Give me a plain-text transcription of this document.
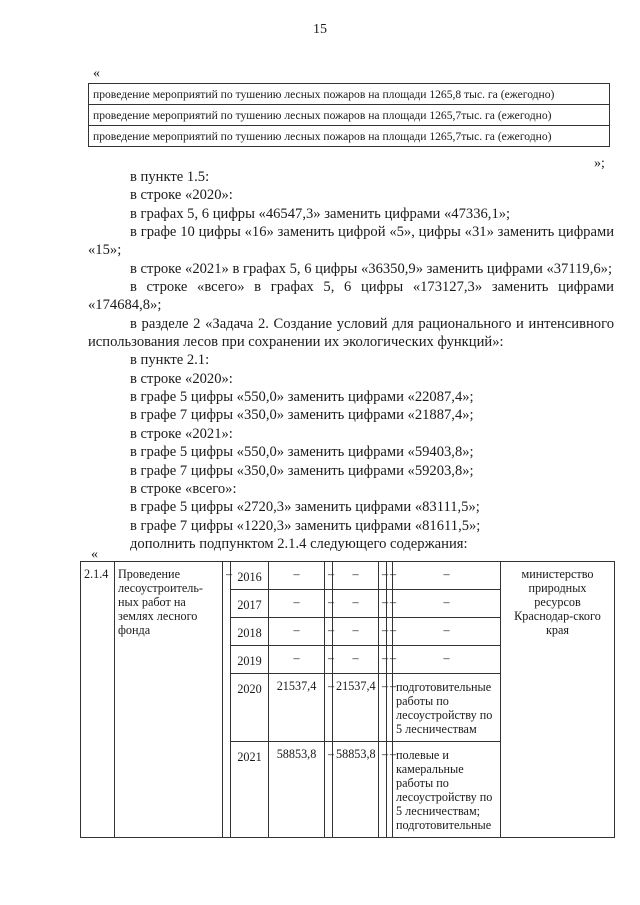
15
«
проведение мероприятий по тушению лесных пожаров на площади 1265,8 тыс. га (ежегодно)
проведение мероприятий по тушению лесных пожаров на площади 1265,7тыс. га (ежегодно)
проведение мероприятий по тушению лесных пожаров на площади 1265,7тыс. га (ежегодно)
»;

в пункте 1.5:

в строке «2020»:

в графах 5, 6 цифры «46547,3» заменить цифрами «47336,1»;

в графе 10 цифры «16» заменить цифрой «5», цифры «31» заменить цифрами «15»;

в строке «2021» в графах 5, 6 цифры «36350,9» заменить цифрами «37119,6»;

в строке «всего» в графах 5, 6 цифры «173127,3» заменить цифрами «174684,8»;

в разделе 2 «Задача 2. Создание условий для рационального и интенсивного использования лесов при сохранении их экологических функций»:

в пункте 2.1:

в строке «2020»:

в графе 5 цифры «550,0» заменить цифрами «22087,4»;

в графе 7 цифры «350,0» заменить цифрами «21887,4»;

в строке «2021»:

в графе 5 цифры «550,0» заменить цифрами «59403,8»;

в графе 7 цифры «350,0» заменить цифрами «59203,8»;

в строке «всего»:

в графе 5 цифры «2720,3» заменить цифрами «83111,5»;

в графе 7 цифры «1220,3» заменить цифрами «81611,5»;

дополнить подпунктом 2.1.4 следующего содержания:

«
2.1.4	Проведение лесоустроитель-ных работ на землях лесного фонда	–	2016	–	–	–	–	–	–	министерство природных ресурсов Краснодар-ского края
			2017	–	–	–	–	–	–	
			2018	–	–	–	–	–	–	
			2019	–	–	–	–	–	–	
			2020	21537,4	–	21537,4	–	–	подготовительные работы по лесоустройству по 5 лесничествам	
			2021	58853,8	–	58853,8	–	–	полевые и камеральные работы по лесоустройству по 5 лесничествам; подготовительные	
